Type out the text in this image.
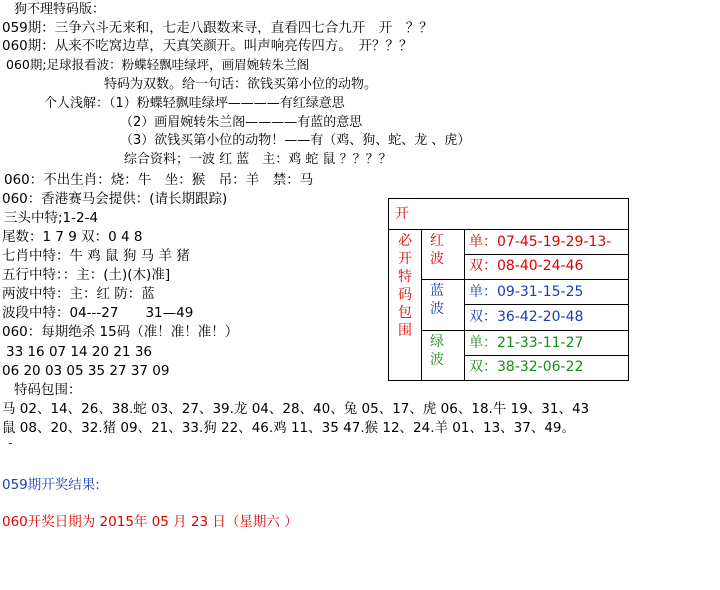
狗不理特码版：
059期：三争六斗无来和，七走八跟数来寻，直看四七合九开　开　？？
060期：从来不吃窝边草，天真笑颜开。叫声响亮传四方。　开？？？
060期;足球报看波：粉蝶轻飘哇绿坪，画眉婉转朱兰阁
特码为双数。给一句话：欲钱买第小位的动物。
个人浅解：（1）粉蝶轻飘哇绿坪————有红绿意思
（2）画眉婉转朱兰阁————有蓝的意思
（3）欲钱买第小位的动物！——有（鸡、狗、蛇、龙 、虎）
综合资料；一波 红 蓝　主：鸡 蛇 鼠 ？？？？
060：不出生肖：烧：牛　坐：猴　吊：羊　禁：马
060：香港赛马会提供：(请长期跟踪)
三头中特;1-2-4
尾数：1 7 9 双：0 4 8
七肖中特：牛 鸡 鼠 狗 马 羊 猪
五行中特：：主：(土)(木)准]
两波中特：主：红 防：蓝
波段中特：04---27　　31—49
060：每期绝杀 15码（准！准！准！）
33 16 07 14 20 21 36
06 20 03 05 35 27 37 09
特码包围：
马 02、14、26、38.蛇 03、27、39.龙 04、28、40、兔 05、17、虎 06、18.牛 19、31、43
鼠 08、20、32.猪 09、21、33.狗 22、46.鸡 11、35 47.猴 12、24.羊 01、13、37、49。
-
059期开奖结果:
060开奖日期为 2015年 05 月 23 日（星期六 ）
开
必开特码包围
红波
单：07-45-19-29-13-
双：08-40-24-46
蓝波
单：09-31-15-25
双：36-42-20-48
绿波
单：21-33-11-27
双：38-32-06-22
